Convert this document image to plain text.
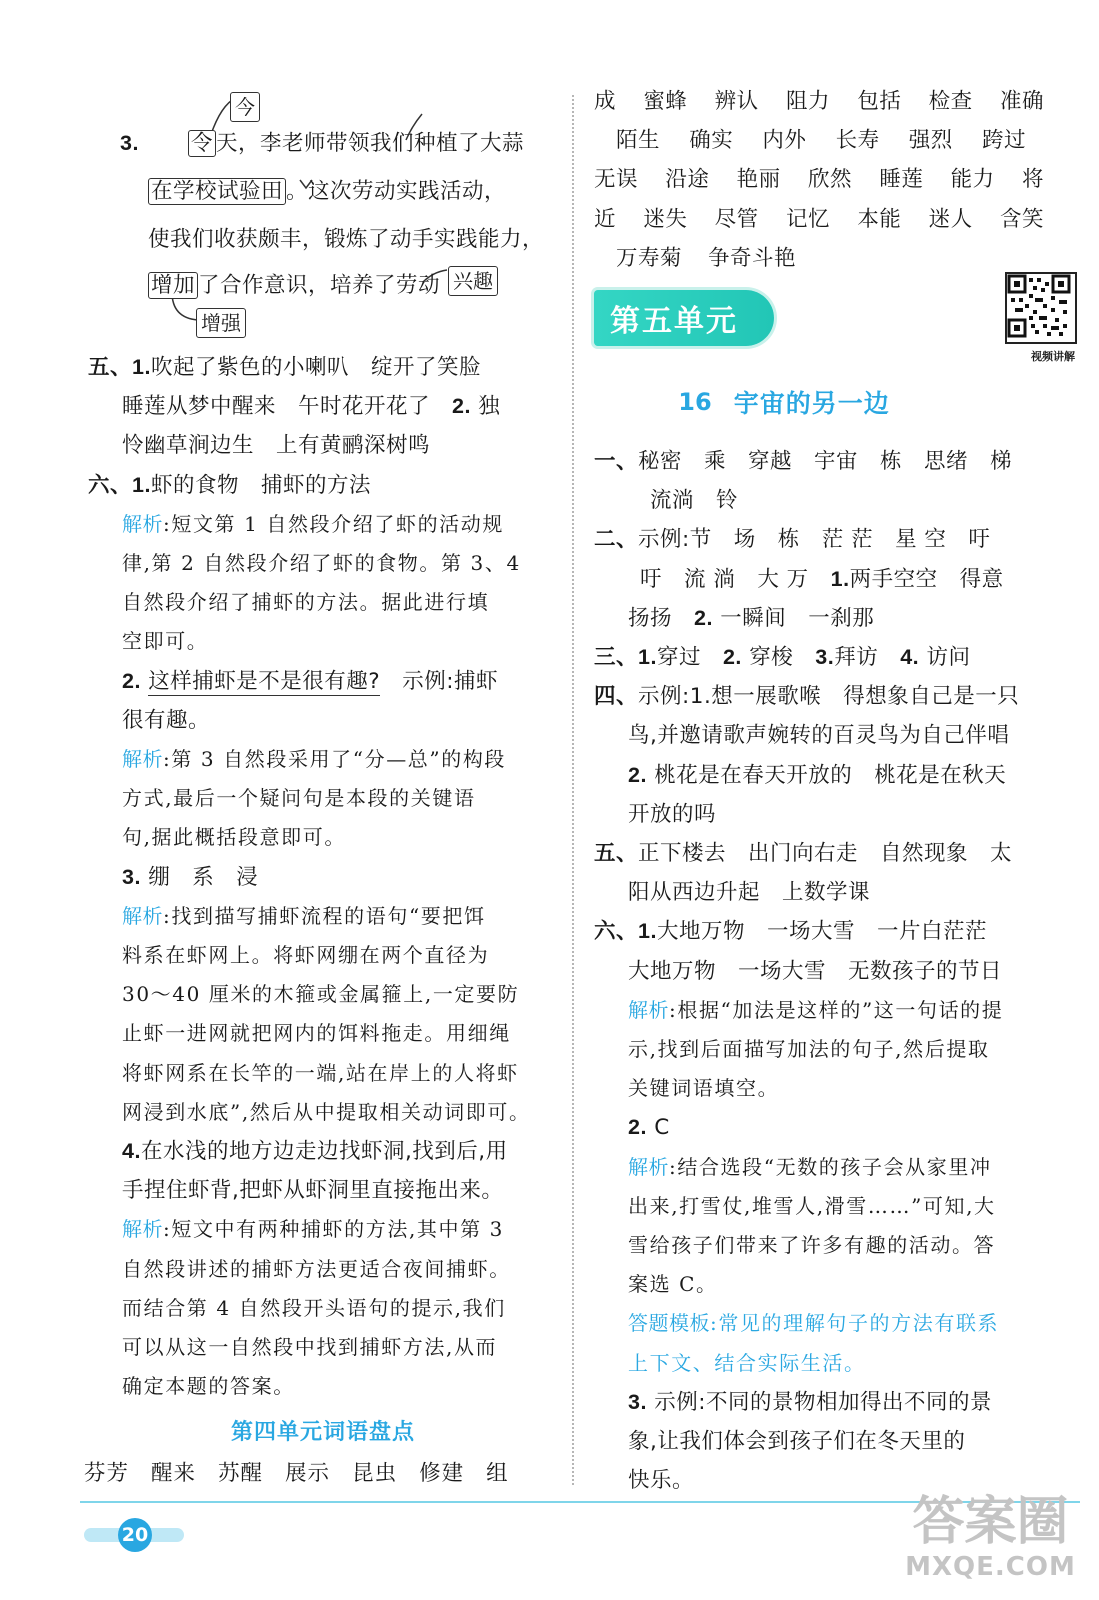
今
3. 令 天，李老师带领我们种植了大蒜
在学校试验田 。这次劳动实践活动，
使我们收获颇丰，锻炼了动手实践能力，
增加 了合作意识，培养了劳动 兴趣
增强
五、1.吹起了紫色的小喇叭　绽开了笑脸
睡莲从梦中醒来　午时花开花了　2. 独
怜幽草涧边生　上有黄鹂深树鸣
六、1.虾的食物　捕虾的方法
解析:短文第 1 自然段介绍了虾的活动规
律,第 2 自然段介绍了虾的食物。第 3、4
自然段介绍了捕虾的方法。据此进行填
空即可。
2. 这样捕虾是不是很有趣?　示例:捕虾
很有趣。
解析:第 3 自然段采用了“分—总”的构段
方式,最后一个疑问句是本段的关键语
句,据此概括段意即可。
3. 绷　系　浸
解析:找到描写捕虾流程的语句“要把饵
料系在虾网上。将虾网绷在两个直径为
30～40 厘米的木箍或金属箍上,一定要防
止虾一进网就把网内的饵料拖走。用细绳
将虾网系在长竿的一端,站在岸上的人将虾
网浸到水底”,然后从中提取相关动词即可。
4.在水浅的地方边走边找虾洞,找到后,用
手捏住虾背,把虾从虾洞里直接拖出来。
解析:短文中有两种捕虾的方法,其中第 3
自然段讲述的捕虾方法更适合夜间捕虾。
而结合第 4 自然段开头语句的提示,我们
可以从这一自然段中找到捕虾方法,从而
确定本题的答案。
第四单元词语盘点
芬芳 醒来 苏醒 展示 昆虫 修建 组
成 蜜蜂 辨认 阻力 包括 检查 准确
陌生 确实 内外 长寿 强烈 跨过
无误 沿途 艳丽 欣然 睡莲 能力 将
近 迷失 尽管 记忆 本能 迷人 含笑
万寿菊 争奇斗艳
第五单元
16 宇宙的另一边
一、秘密　乘　穿越　宇宙　栋　思绪　梯
流淌　铃
二、示例:节　场　栋　茫 茫　星 空　吁
吁　流 淌　大 万　1.两手空空　得意
扬扬　2. 一瞬间　一刹那
三、1.穿过　2. 穿梭　3.拜访　4. 访问
四、示例:1.想一展歌喉　得想象自己是一只
鸟,并邀请歌声婉转的百灵鸟为自己伴唱
2. 桃花是在春天开放的　桃花是在秋天
开放的吗
五、正下楼去　出门向右走　自然现象　太
阳从西边升起　上数学课
六、1.大地万物　一场大雪　一片白茫茫
大地万物　一场大雪　无数孩子的节日
解析:根据“加法是这样的”这一句话的提
示,找到后面描写加法的句子,然后提取
关键词语填空。
2. C
解析:结合选段“无数的孩子会从家里冲
出来,打雪仗,堆雪人,滑雪……”可知,大
雪给孩子们带来了许多有趣的活动。答
案选 C。
答题模板:常见的理解句子的方法有联系
上下文、结合实际生活。
3. 示例:不同的景物相加得出不同的景
象,让我们体会到孩子们在冬天里的
快乐。
视频讲解
20	答案圈
MXQE.COM
